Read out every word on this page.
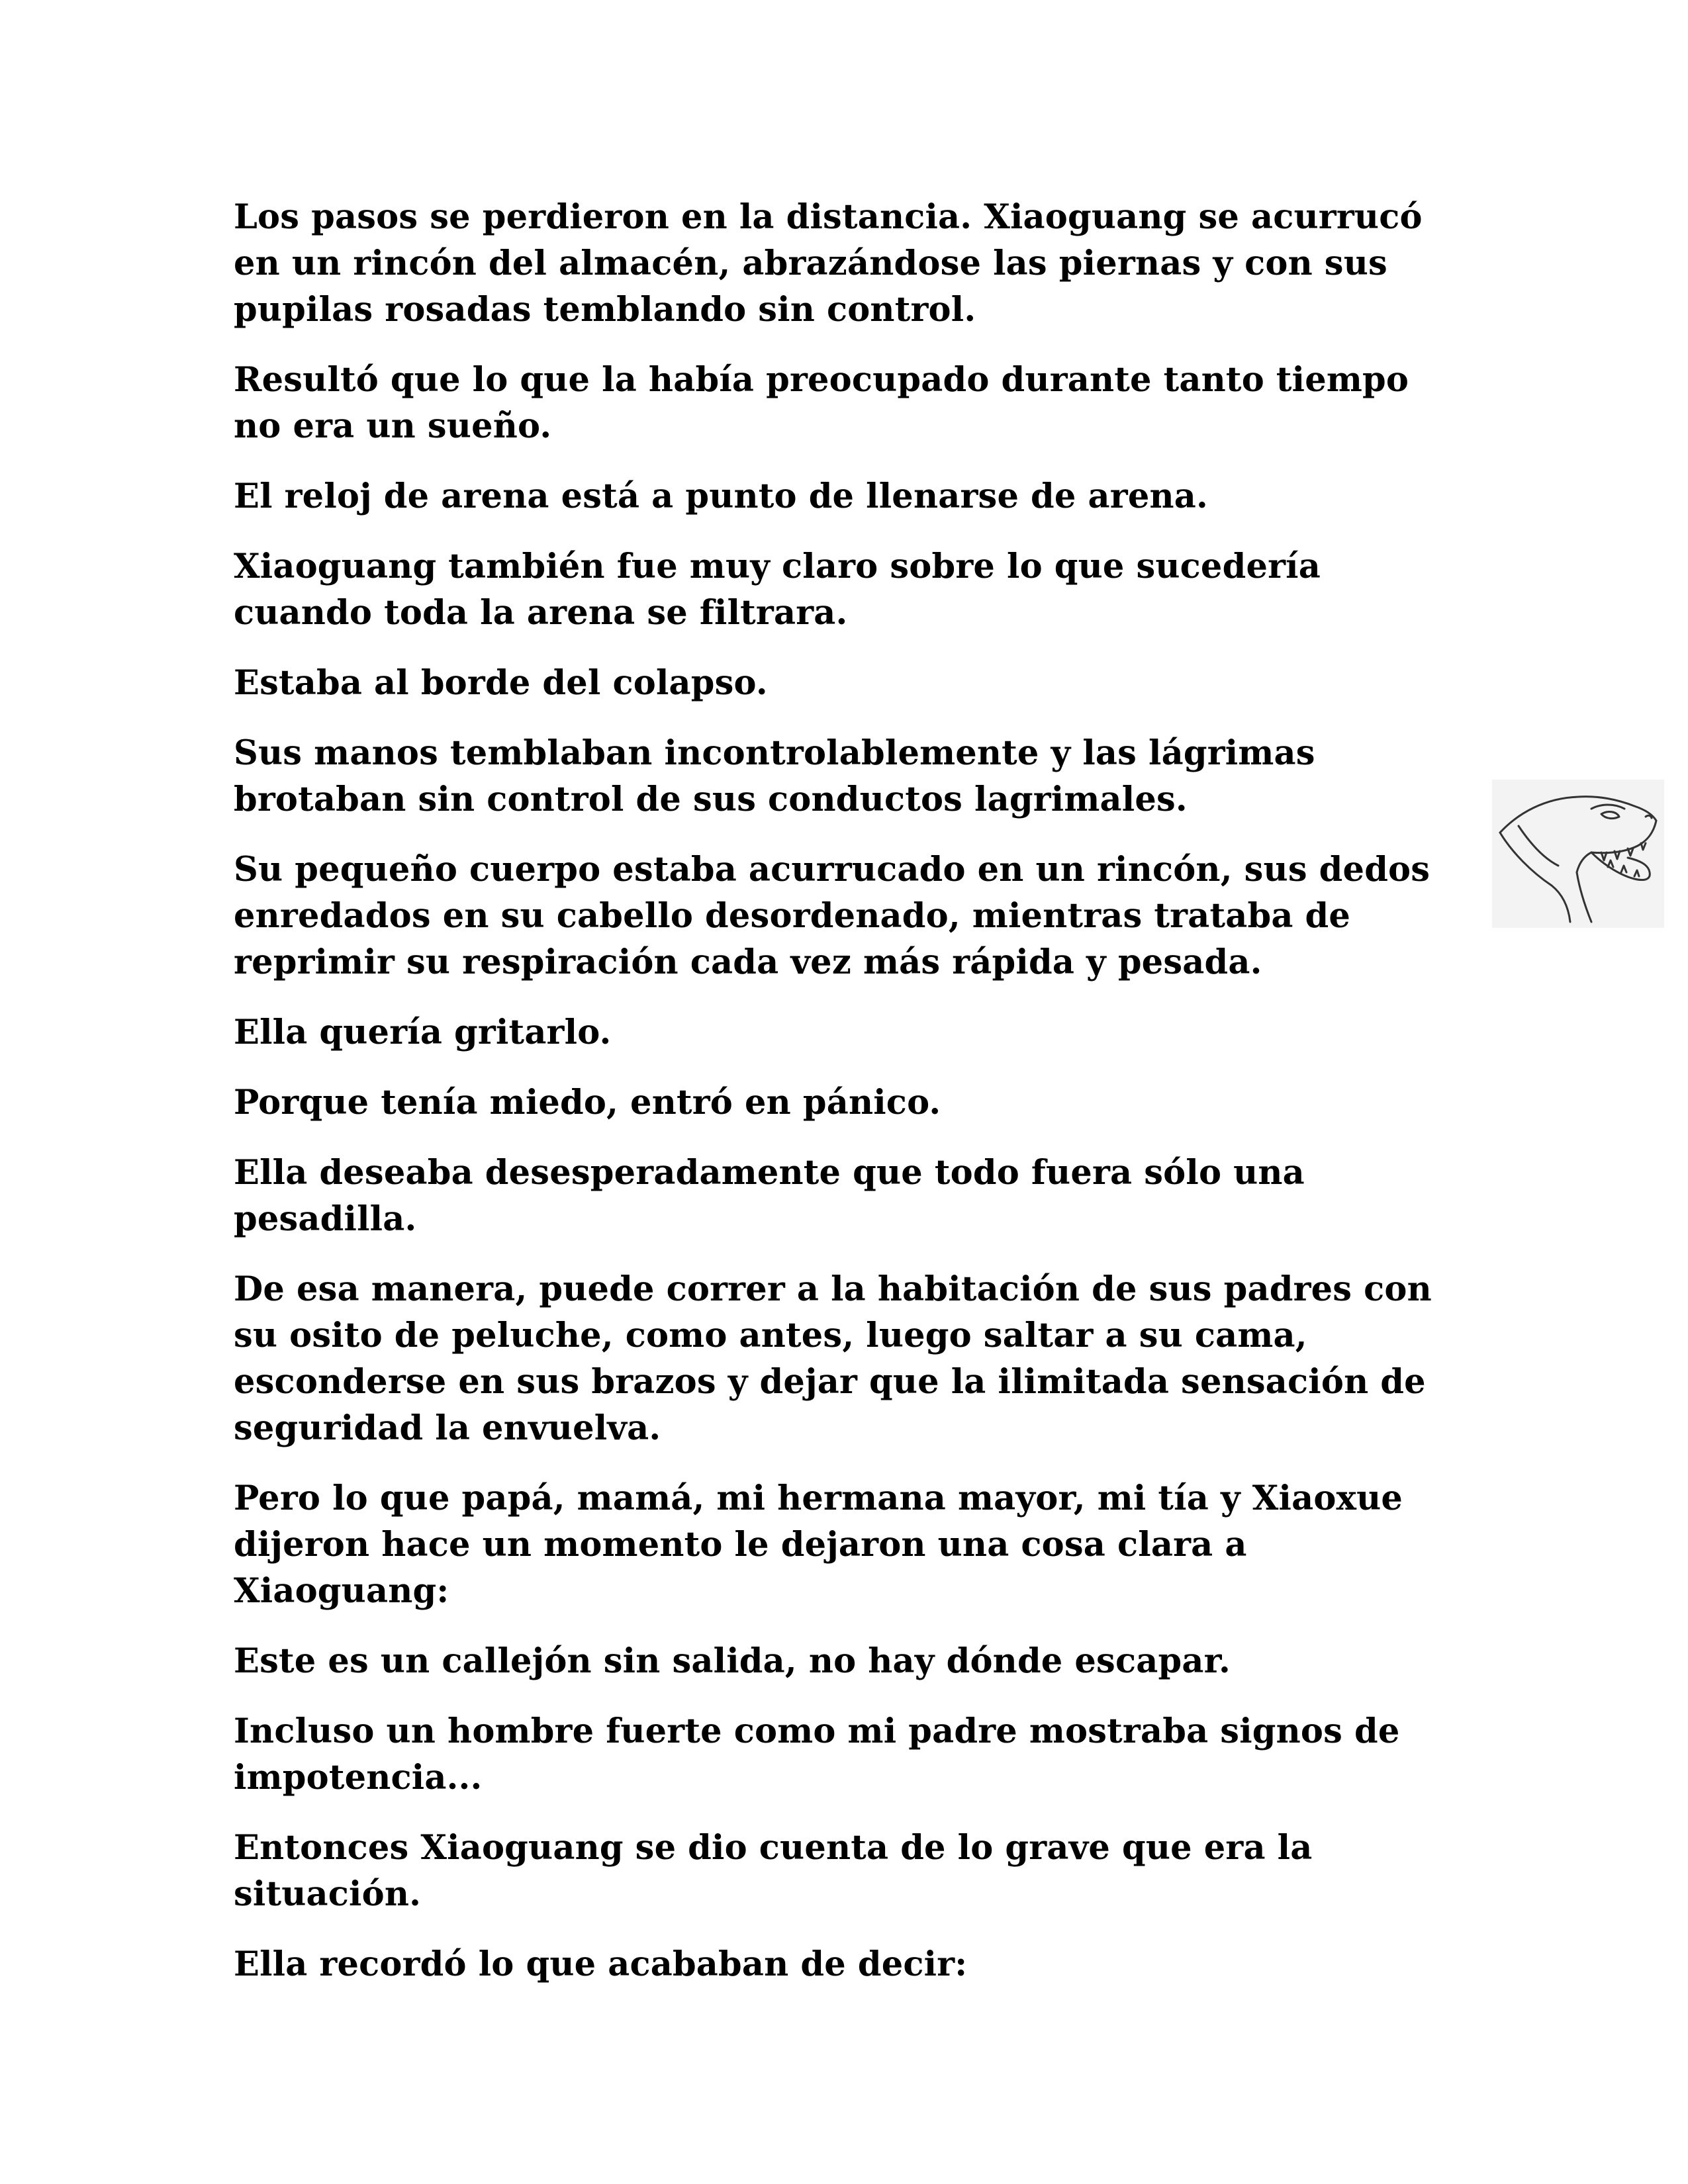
Los pasos se perdieron en la distancia. Xiaoguang se acurrucó en un rincón del almacén, abrazándose las piernas y con sus pupilas rosadas temblando sin control.

Resultó que lo que la había preocupado durante tanto tiempo no era un sueño.

El reloj de arena está a punto de llenarse de arena.

Xiaoguang también fue muy claro sobre lo que sucedería cuando toda la arena se filtrara.

Estaba al borde del colapso.

Sus manos temblaban incontrolablemente y las lágrimas brotaban sin control de sus conductos lagrimales.

Su pequeño cuerpo estaba acurrucado en un rincón, sus dedos enredados en su cabello desordenado, mientras trataba de reprimir su respiración cada vez más rápida y pesada.

Ella quería gritarlo.

Porque tenía miedo, entró en pánico.

Ella deseaba desesperadamente que todo fuera sólo una pesadilla.

De esa manera, puede correr a la habitación de sus padres con su osito de peluche, como antes, luego saltar a su cama, esconderse en sus brazos y dejar que la ilimitada sensación de seguridad la envuelva.

Pero lo que papá, mamá, mi hermana mayor, mi tía y Xiaoxue dijeron hace un momento le dejaron una cosa clara a Xiaoguang:

Este es un callejón sin salida, no hay dónde escapar.

Incluso un hombre fuerte como mi padre mostraba signos de impotencia...

Entonces Xiaoguang se dio cuenta de lo grave que era la situación.

Ella recordó lo que acababan de decir:
